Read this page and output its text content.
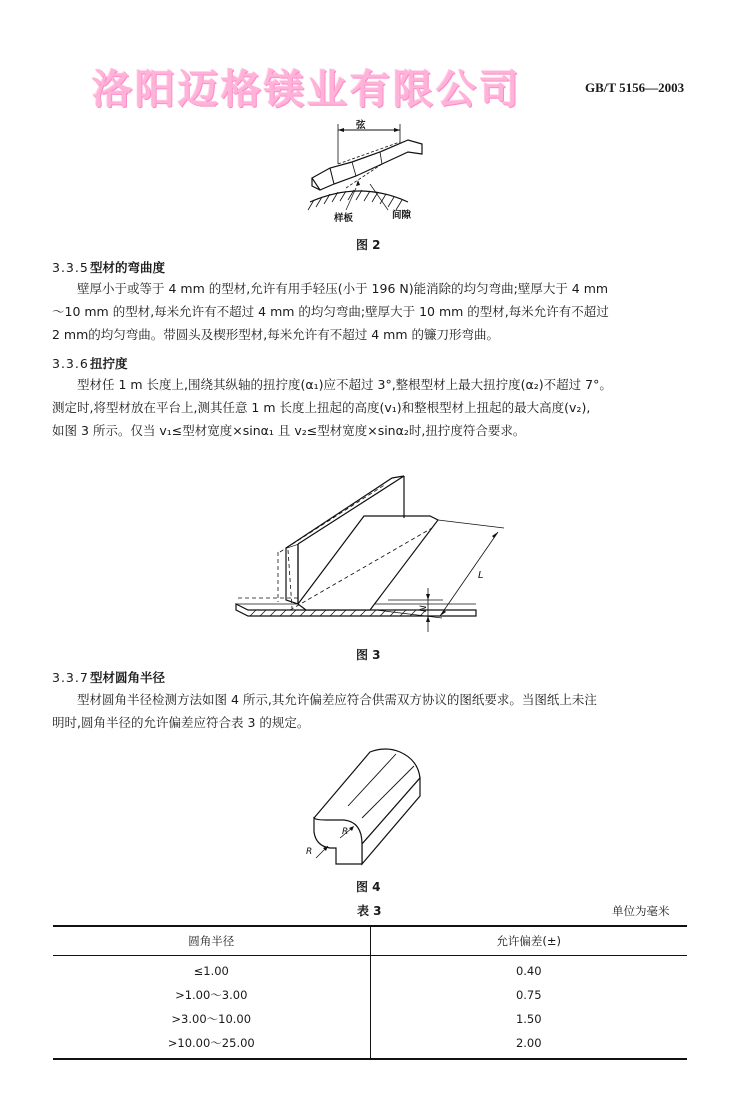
洛阳迈格镁业有限公司	GB/T 5156—2003
弦
样板	间隙
图 2
3.3.5型材的弯曲度

壁厚小于或等于 4 mm 的型材,允许有用手轻压(小于 196 N)能消除的均匀弯曲;壁厚大于 4 mm

～10 mm 的型材,每米允许有不超过 4 mm 的均匀弯曲;壁厚大于 10 mm 的型材,每米允许有不超过

2 mm的均匀弯曲。带圆头及楔形型材,每米允许有不超过 4 mm 的镰刀形弯曲。

3.3.6扭拧度

型材任 1 m 长度上,围绕其纵轴的扭拧度(α₁)应不超过 3°,整根型材上最大扭拧度(α₂)不超过 7°。

测定时,将型材放在平台上,测其任意 1 m 长度上扭起的高度(v₁)和整根型材上扭起的最大高度(v₂),

如图 3 所示。仅当 v₁≤型材宽度×sinα₁ 且 v₂≤型材宽度×sinα₂时,扭拧度符合要求。

L
N
图 3
3.3.7型材圆角半径

型材圆角半径检测方法如图 4 所示,其允许偏差应符合供需双方协议的图纸要求。当图纸上未注

明时,圆角半径的允许偏差应符合表 3 的规定。

R
R
图 4
表 3	单位为毫米
圆角半径	允许偏差(±)
≤1.00	0.40
>1.00～3.00	0.75
>3.00～10.00	1.50
>10.00～25.00	2.00
